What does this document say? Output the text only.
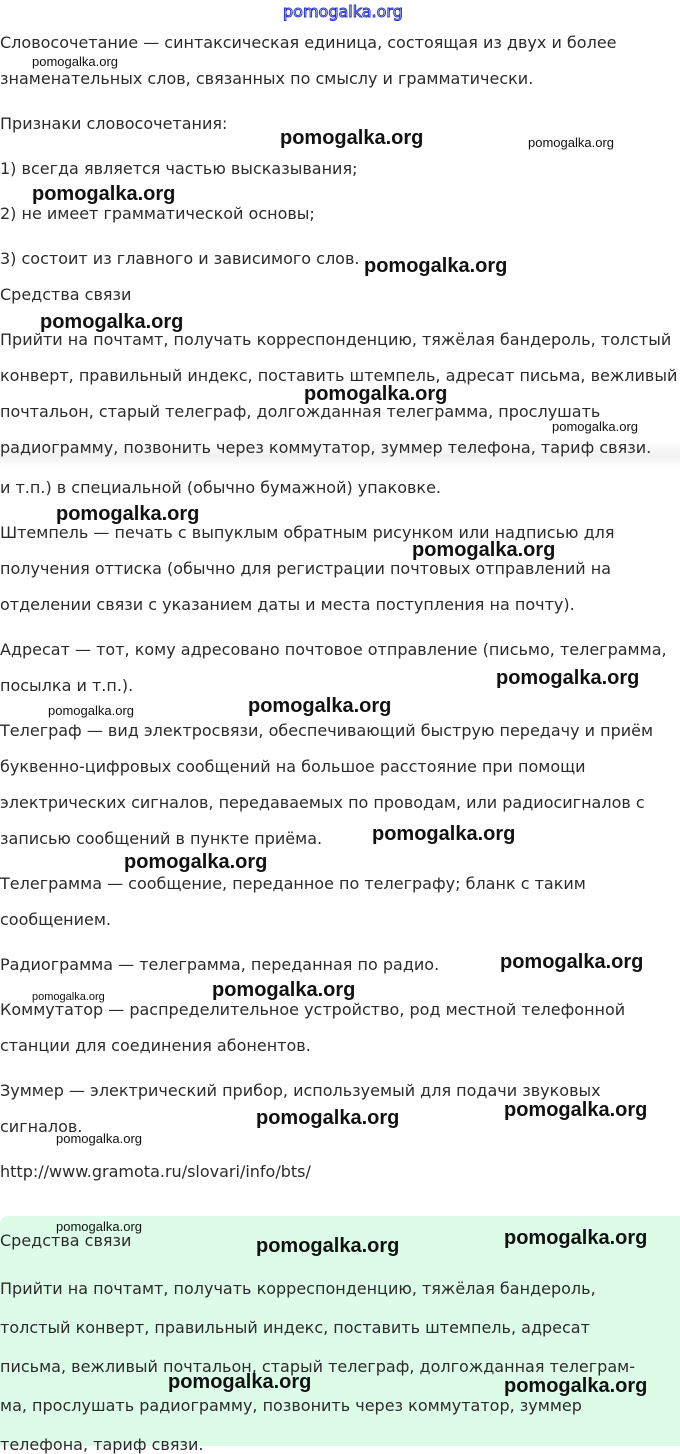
pomogalka.org
Словосочетание — синтаксическая единица, состоящая из двух и более
знаменательных слов, связанных по смыслу и грамматически.
Признаки словосочетания:
1) всегда является частью высказывания;
2) не имеет грамматической основы;
3) состоит из главного и зависимого слов.
Средства связи
Прийти на почтамт, получать корреспонденцию, тяжёлая бандероль, толстый
конверт, правильный индекс, поставить штемпель, адресат письма, вежливый
почтальон, старый телеграф, долгожданная телеграмма, прослушать
радиограмму, позвонить через коммутатор, зуммер телефона, тариф связи.
и т.п.) в специальной (обычно бумажной) упаковке.
Штемпель — печать с выпуклым обратным рисунком или надписью для
получения оттиска (обычно для регистрации почтовых отправлений на
отделении связи с указанием даты и места поступления на почту).
Адресат — тот, кому адресовано почтовое отправление (письмо, телеграмма,
посылка и т.п.).
Телеграф — вид электросвязи, обеспечивающий быструю передачу и приём
буквенно-цифровых сообщений на большое расстояние при помощи
электрических сигналов, передаваемых по проводам, или радиосигналов с
записью сообщений в пункте приёма.
Телеграмма — сообщение, переданное по телеграфу; бланк с таким
сообщением.
Радиограмма — телеграмма, переданная по радио.
Коммутатор — распределительное устройство, род местной телефонной
станции для соединения абонентов.
Зуммер — электрический прибор, используемый для подачи звуковых
сигналов.
http://www.gramota.ru/slovari/info/bts/
Средства связи
Прийти на почтамт, получать корреспонденцию, тяжёлая бандероль,
толстый конверт, правильный индекс, поставить штемпель, адресат
письма, вежливый почтальон, старый телеграф, долгожданная телеграм-
ма, прослушать радиограмму, позвонить через коммутатор, зуммер
телефона, тариф связи.
pomogalka.org
pomogalka.org	pomogalka.org
pomogalka.org
pomogalka.org
pomogalka.org
pomogalka.org
pomogalka.org
pomogalka.org
pomogalka.org
pomogalka.org
pomogalka.org
pomogalka.org
pomogalka.org
pomogalka.org
pomogalka.org
pomogalka.org
pomogalka.org
pomogalka.org
pomogalka.org
pomogalka.org
pomogalka.org
pomogalka.org
pomogalka.org
pomogalka.org	pomogalka.org
